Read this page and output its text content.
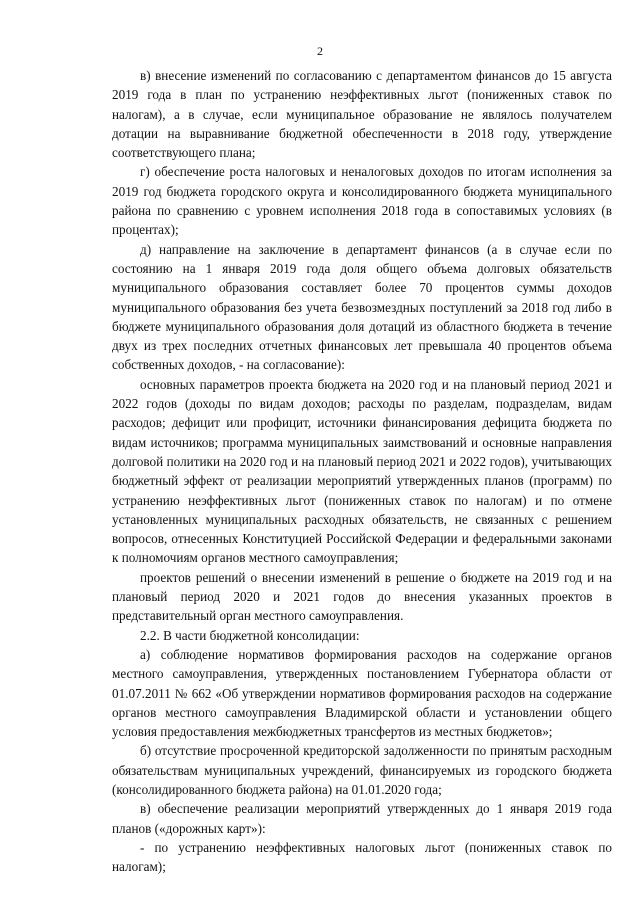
2

в) внесение изменений по согласованию с департаментом финансов до 15 августа 2019 года в план по устранению неэффективных льгот (пониженных ставок по налогам), а в случае, если муниципальное образование не являлось получателем дотации на выравнивание бюджетной обеспеченности в 2018 году, утверждение соответствующего плана;

г) обеспечение роста налоговых и неналоговых доходов по итогам исполнения за 2019 год бюджета городского округа и консолидированного бюджета муниципального района по сравнению с уровнем исполнения 2018 года в сопоставимых условиях (в процентах);

д) направление на заключение в департамент финансов (а в случае если по состоянию на 1 января 2019 года доля общего объема долговых обязательств муниципального образования составляет более 70 процентов суммы доходов муниципального образования без учета безвозмездных поступлений за 2018 год либо в бюджете муниципального образования доля дотаций из областного бюджета в течение двух из трех последних отчетных финансовых лет превышала 40 процентов объема собственных доходов, - на согласование):

основных параметров проекта бюджета на 2020 год и на плановый период 2021 и 2022 годов (доходы по видам доходов; расходы по разделам, подразделам, видам расходов; дефицит или профицит, источники финансирования дефицита бюджета по видам источников; программа муниципальных заимствований и основные направления долговой политики на 2020 год и на плановый период 2021 и 2022 годов), учитывающих бюджетный эффект от реализации мероприятий утвержденных планов (программ) по устранению неэффективных льгот (пониженных ставок по налогам) и по отмене установленных муниципальных расходных обязательств, не связанных с решением вопросов, отнесенных Конституцией Российской Федерации и федеральными законами к полномочиям органов местного самоуправления;

проектов решений о внесении изменений в решение о бюджете на 2019 год и на плановый период 2020 и 2021 годов до внесения указанных проектов в представительный орган местного самоуправления.

2.2. В части бюджетной консолидации:

а) соблюдение нормативов формирования расходов на содержание органов местного самоуправления, утвержденных постановлением Губернатора области от 01.07.2011 № 662 «Об утверждении нормативов формирования расходов на содержание органов местного самоуправления Владимирской области и установлении общего условия предоставления межбюджетных трансфертов из местных бюджетов»;

б) отсутствие просроченной кредиторской задолженности по принятым расходным обязательствам муниципальных учреждений, финансируемых из городского бюджета (консолидированного бюджета района) на 01.01.2020 года;

в) обеспечение реализации мероприятий утвержденных до 1 января 2019 года планов («дорожных карт»):

- по устранению неэффективных налоговых льгот (пониженных ставок по налогам);
